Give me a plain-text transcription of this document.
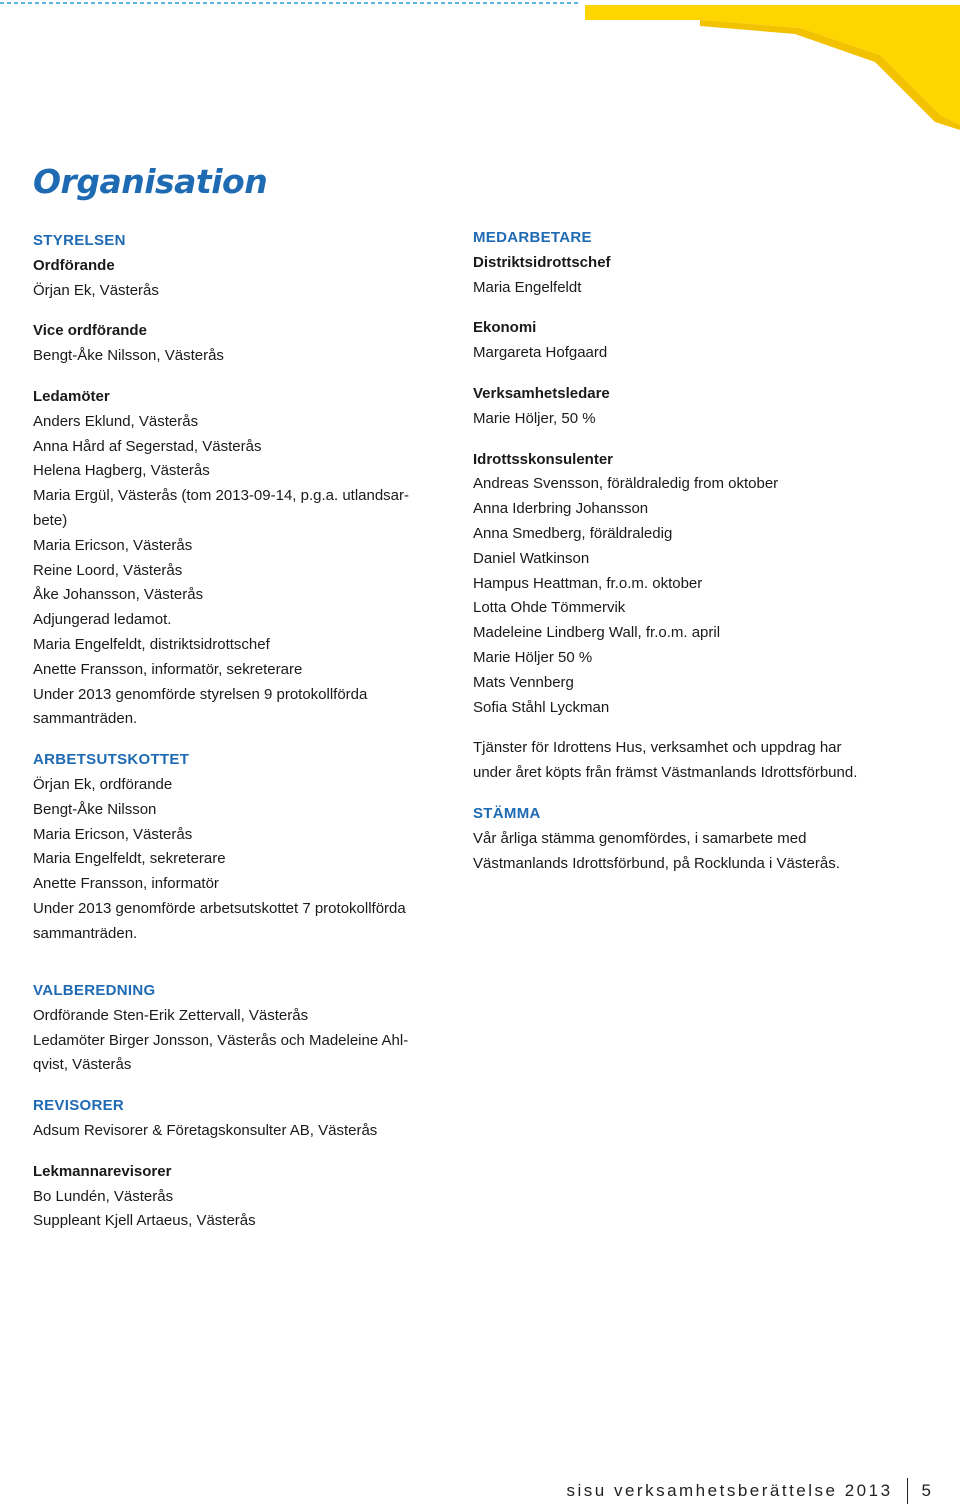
Organisation
STYRELSEN
Ordförande
Örjan Ek, Västerås
Vice ordförande
Bengt-Åke Nilsson, Västerås
Ledamöter
Anders Eklund, Västerås
Anna Hård af Segerstad, Västerås
Helena Hagberg, Västerås
Maria Ergül, Västerås (tom 2013-09-14, p.g.a. utlandsar-
bete)
Maria Ericson, Västerås
Reine Loord, Västerås
Åke Johansson, Västerås
Adjungerad ledamot.
Maria Engelfeldt, distriktsidrottschef
Anette Fransson, informatör, sekreterare
Under 2013 genomförde styrelsen 9 protokollförda
sammanträden.
ARBETSUTSKOTTET
Örjan Ek, ordförande
Bengt-Åke Nilsson
Maria Ericson, Västerås
Maria Engelfeldt, sekreterare
Anette Fransson, informatör
Under 2013 genomförde arbetsutskottet 7 protokollförda
sammanträden.
MEDARBETARE
Distriktsidrottschef
Maria Engelfeldt
Ekonomi
Margareta Hofgaard
Verksamhetsledare
Marie Höljer, 50 %
Idrottsskonsulenter
Andreas Svensson, föräldraledig from oktober
Anna Iderbring Johansson
Anna Smedberg, föräldraledig
Daniel Watkinson
Hampus Heattman, fr.o.m. oktober
Lotta Ohde Tömmervik
Madeleine Lindberg Wall, fr.o.m. april
Marie Höljer 50 %
Mats Vennberg
Sofia Ståhl Lyckman
Tjänster för Idrottens Hus, verksamhet och uppdrag har
under året köpts från främst Västmanlands Idrottsförbund.
STÄMMA
Vår årliga stämma genomfördes, i samarbete med
Västmanlands Idrottsförbund, på Rocklunda i Västerås.
VALBEREDNING
Ordförande Sten-Erik Zettervall, Västerås
Ledamöter Birger Jonsson, Västerås och Madeleine Ahl-
qvist, Västerås
REVISORER
Adsum Revisorer & Företagskonsulter AB, Västerås
Lekmannarevisorer
Bo Lundén, Västerås
Suppleant Kjell Artaeus, Västerås
sisu verksamhetsberättelse 2013 5
